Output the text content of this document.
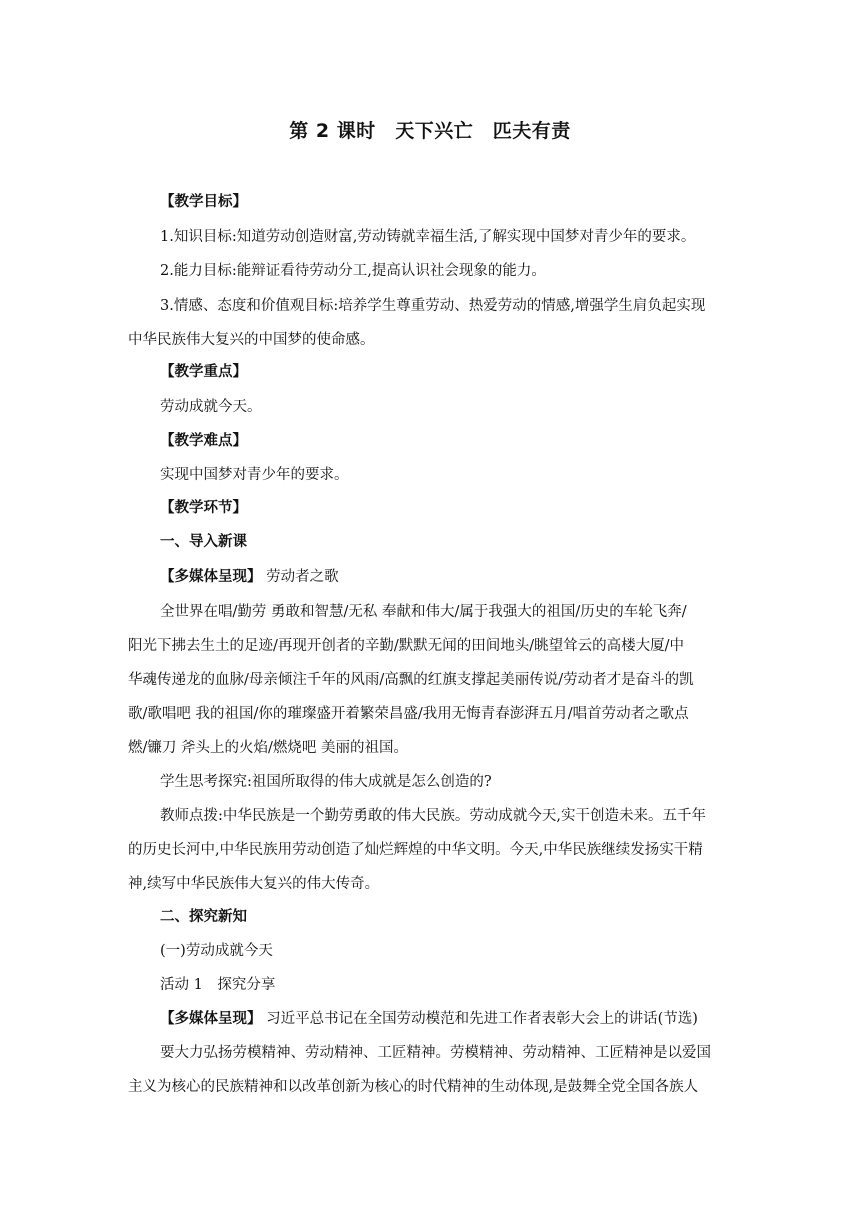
第 2 课时　天下兴亡　匹夫有责
【教学目标】
1.知识目标:知道劳动创造财富,劳动铸就幸福生活,了解实现中国梦对青少年的要求。
2.能力目标:能辩证看待劳动分工,提高认识社会现象的能力。
3.情感、态度和价值观目标:培养学生尊重劳动、热爱劳动的情感,增强学生肩负起实现
中华民族伟大复兴的中国梦的使命感。
【教学重点】
劳动成就今天。
【教学难点】
实现中国梦对青少年的要求。
【教学环节】
一、导入新课
【多媒体呈现】 劳动者之歌
全世界在唱/勤劳 勇敢和智慧/无私 奉献和伟大/属于我强大的祖国/历史的车轮飞奔/
阳光下拂去生土的足迹/再现开创者的辛勤/默默无闻的田间地头/眺望耸云的高楼大厦/中
华魂传递龙的血脉/母亲倾注千年的风雨/高飘的红旗支撑起美丽传说/劳动者才是奋斗的凯
歌/歌唱吧 我的祖国/你的璀璨盛开着繁荣昌盛/我用无悔青春澎湃五月/唱首劳动者之歌点
燃/镰刀 斧头上的火焰/燃烧吧 美丽的祖国。
学生思考探究:祖国所取得的伟大成就是怎么创造的?
教师点拨:中华民族是一个勤劳勇敢的伟大民族。劳动成就今天,实干创造未来。五千年
的历史长河中,中华民族用劳动创造了灿烂辉煌的中华文明。今天,中华民族继续发扬实干精
神,续写中华民族伟大复兴的伟大传奇。
二、探究新知
(一)劳动成就今天
活动 1　探究分享
【多媒体呈现】 习近平总书记在全国劳动模范和先进工作者表彰大会上的讲话(节选)
要大力弘扬劳模精神、劳动精神、工匠精神。劳模精神、劳动精神、工匠精神是以爱国
主义为核心的民族精神和以改革创新为核心的时代精神的生动体现,是鼓舞全党全国各族人
